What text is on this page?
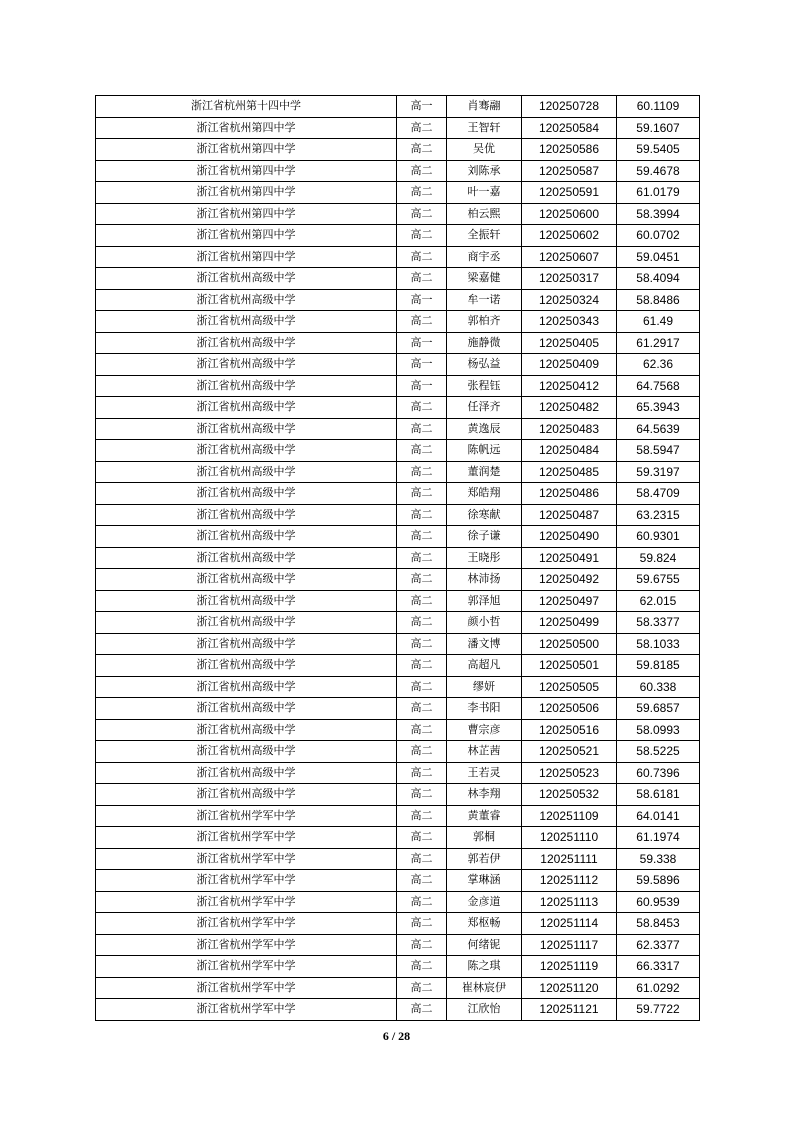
浙江省杭州第十四中学	高一	肖骞翮	120250728	60.1109
浙江省杭州第四中学	高二	王智轩	120250584	59.1607
浙江省杭州第四中学	高二	吴优	120250586	59.5405
浙江省杭州第四中学	高二	刘陈承	120250587	59.4678
浙江省杭州第四中学	高二	叶一嘉	120250591	61.0179
浙江省杭州第四中学	高二	柏云熙	120250600	58.3994
浙江省杭州第四中学	高二	全振轩	120250602	60.0702
浙江省杭州第四中学	高二	商宇丞	120250607	59.0451
浙江省杭州高级中学	高二	梁嘉健	120250317	58.4094
浙江省杭州高级中学	高一	牟一诺	120250324	58.8486
浙江省杭州高级中学	高二	郭柏齐	120250343	61.49
浙江省杭州高级中学	高一	施静微	120250405	61.2917
浙江省杭州高级中学	高一	杨弘益	120250409	62.36
浙江省杭州高级中学	高一	张程钰	120250412	64.7568
浙江省杭州高级中学	高二	任泽齐	120250482	65.3943
浙江省杭州高级中学	高二	黄逸辰	120250483	64.5639
浙江省杭州高级中学	高二	陈帆远	120250484	58.5947
浙江省杭州高级中学	高二	董润楚	120250485	59.3197
浙江省杭州高级中学	高二	郑皓翔	120250486	58.4709
浙江省杭州高级中学	高二	徐寒献	120250487	63.2315
浙江省杭州高级中学	高二	徐子谦	120250490	60.9301
浙江省杭州高级中学	高二	王晓彤	120250491	59.824
浙江省杭州高级中学	高二	林沛扬	120250492	59.6755
浙江省杭州高级中学	高二	郭泽旭	120250497	62.015
浙江省杭州高级中学	高二	颜小哲	120250499	58.3377
浙江省杭州高级中学	高二	潘文博	120250500	58.1033
浙江省杭州高级中学	高二	高超凡	120250501	59.8185
浙江省杭州高级中学	高二	缪妍	120250505	60.338
浙江省杭州高级中学	高二	李书阳	120250506	59.6857
浙江省杭州高级中学	高二	曹宗彦	120250516	58.0993
浙江省杭州高级中学	高二	林芷茜	120250521	58.5225
浙江省杭州高级中学	高二	王若灵	120250523	60.7396
浙江省杭州高级中学	高二	林李翔	120250532	58.6181
浙江省杭州学军中学	高二	黄董睿	120251109	64.0141
浙江省杭州学军中学	高二	郭桐	120251110	61.1974
浙江省杭州学军中学	高二	郭若伊	120251111	59.338
浙江省杭州学军中学	高二	掌琳涵	120251112	59.5896
浙江省杭州学军中学	高二	金彦道	120251113	60.9539
浙江省杭州学军中学	高二	郑枢畅	120251114	58.8453
浙江省杭州学军中学	高二	何绪铌	120251117	62.3377
浙江省杭州学军中学	高二	陈之琪	120251119	66.3317
浙江省杭州学军中学	高二	崔林宸伊	120251120	61.0292
浙江省杭州学军中学	高二	江欣怡	120251121	59.7722
6 / 28
